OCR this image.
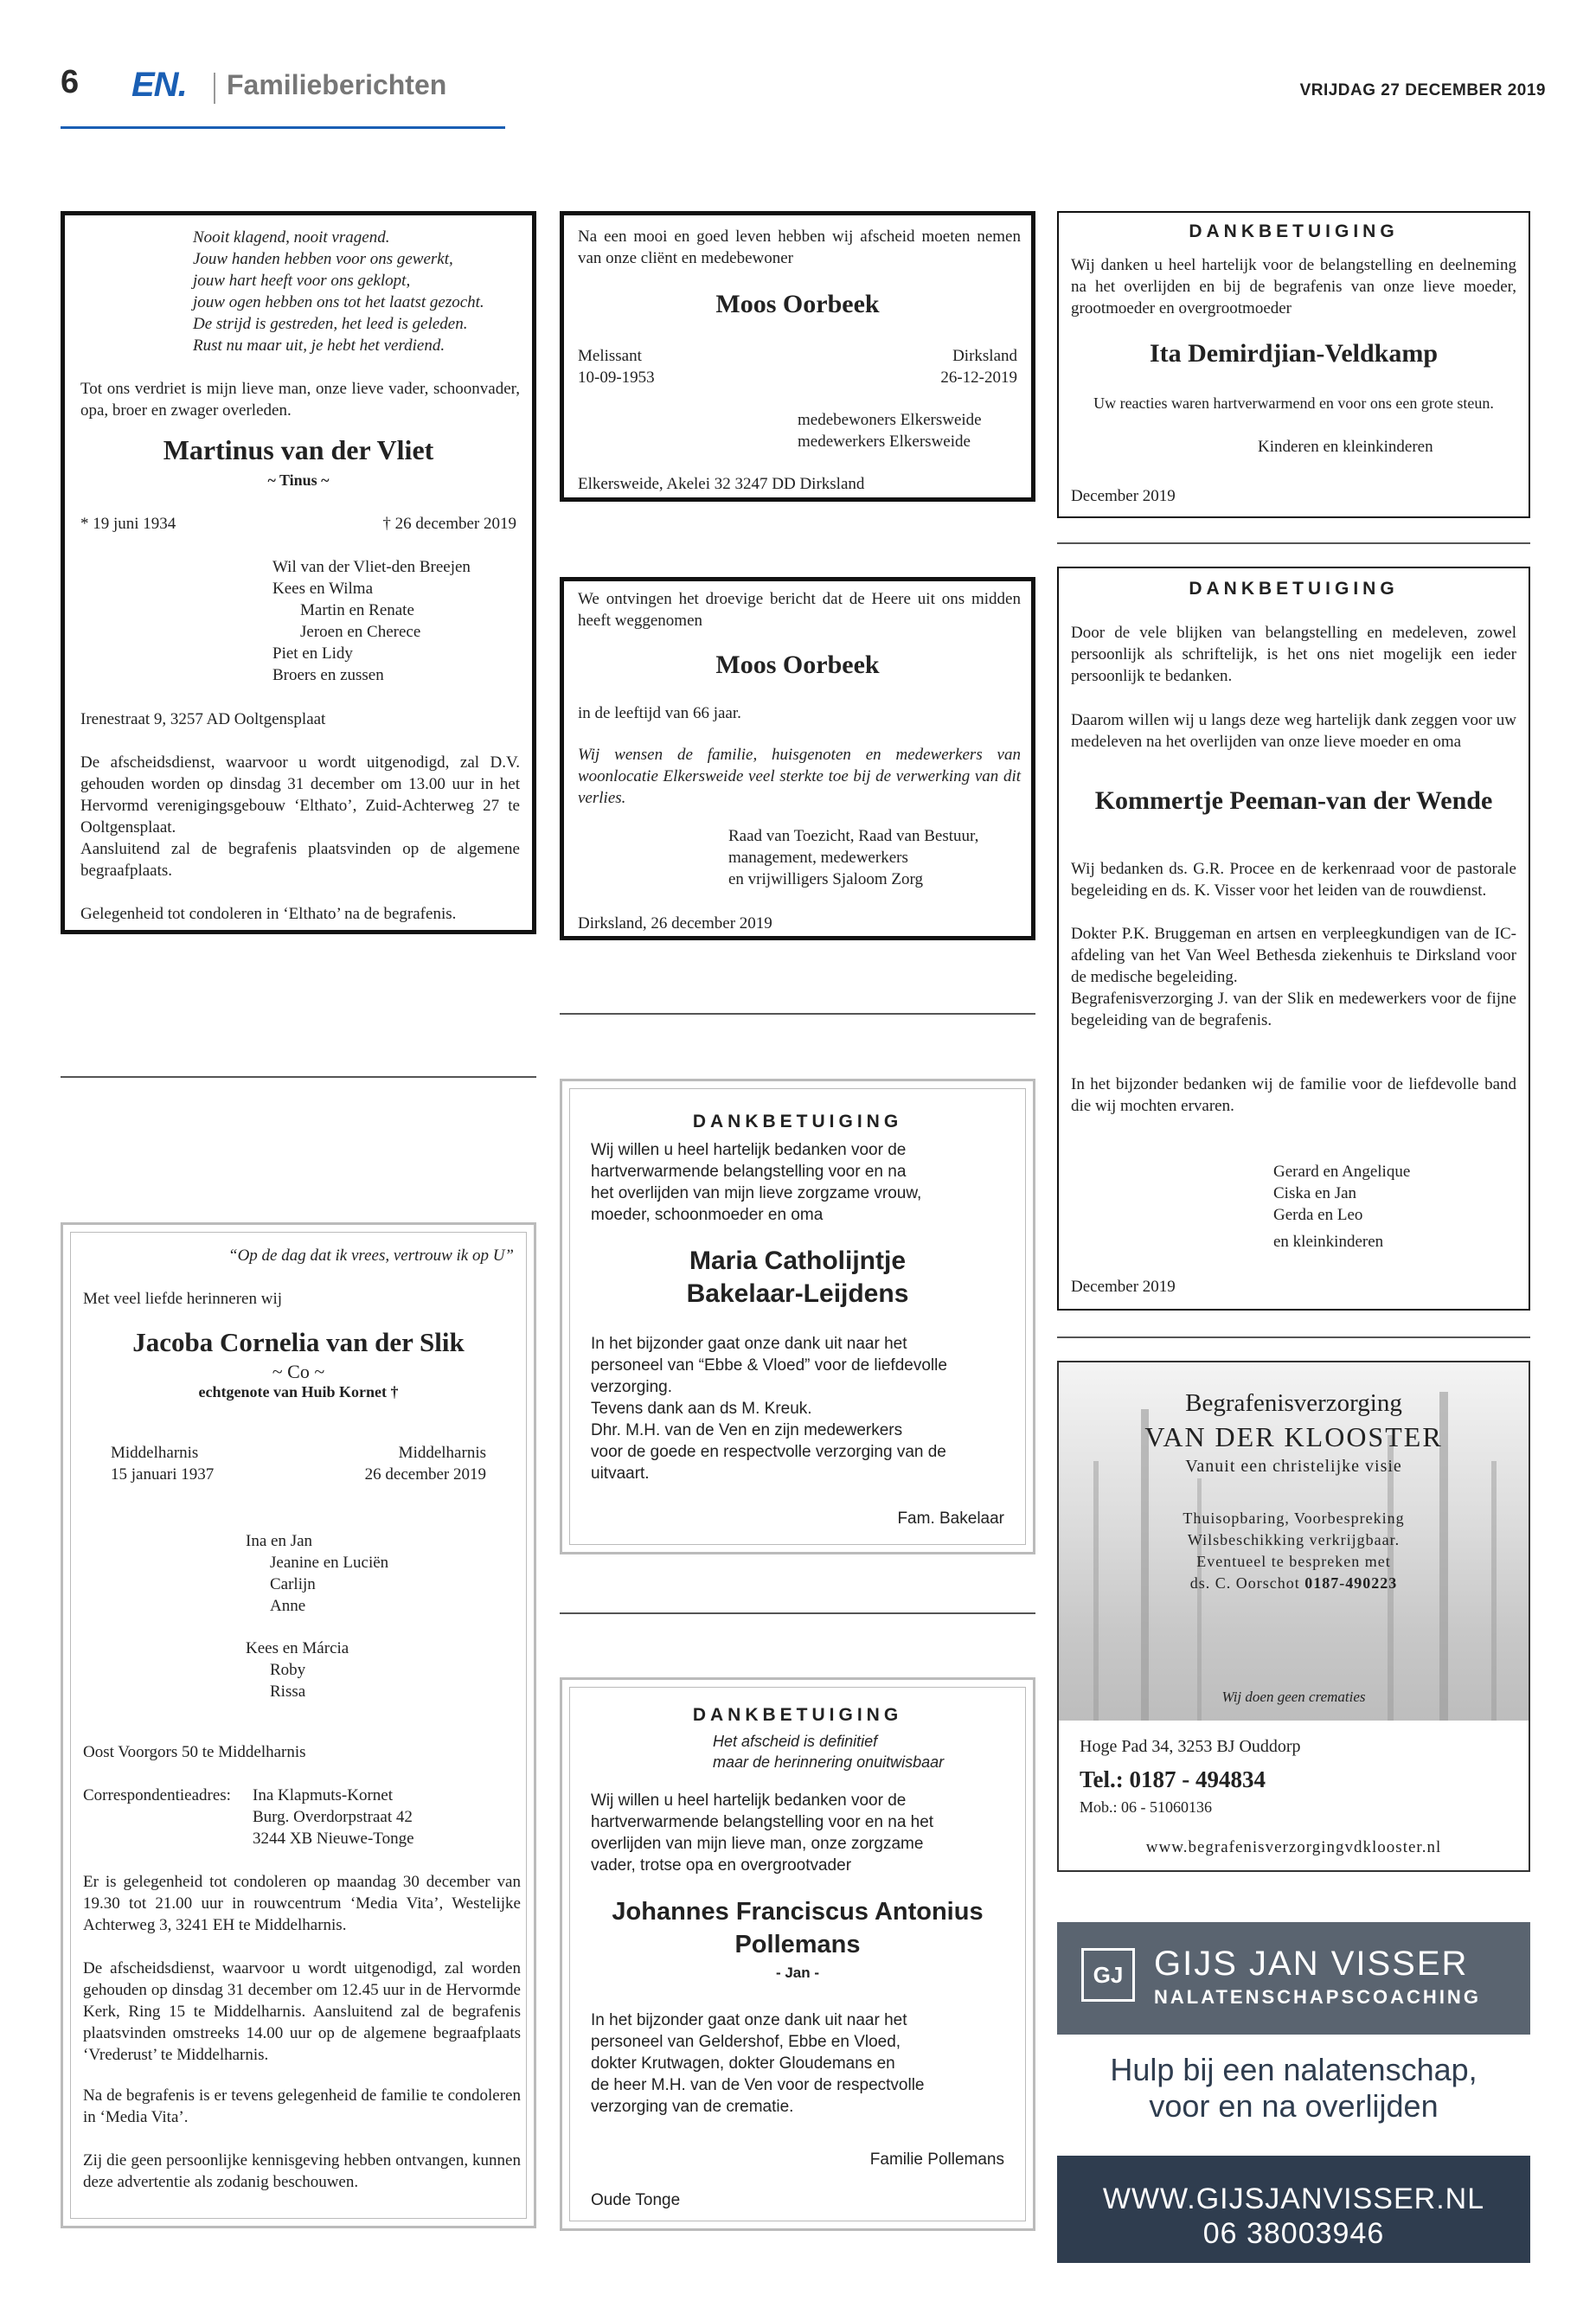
6 EN. Familieberichten	VRIJDAG 27 DECEMBER 2019
Nooit klagend, nooit vragend.
Jouw handen hebben voor ons gewerkt,
jouw hart heeft voor ons geklopt,
jouw ogen hebben ons tot het laatst gezocht.
De strijd is gestreden, het leed is geleden.
Rust nu maar uit, je hebt het verdiend.
Tot ons verdriet is mijn lieve man, onze lieve vader, schoonvader, opa, broer en zwager overleden.
Martinus van der Vliet
~ Tinus ~
* 19 juni 1934	† 26 december 2019
Wil van der Vliet-den Breejen
Kees en Wilma
Martin en Renate
Jeroen en Cherece
Piet en Lidy
Broers en zussen
Irenestraat 9, 3257 AD Ooltgensplaat
De afscheidsdienst, waarvoor u wordt uitgenodigd, zal D.V. gehouden worden op dinsdag 31 december om 13.00 uur in het Hervormd verenigingsgebouw ‘Elthato’, Zuid-Achterweg 27 te Ooltgensplaat.
Aansluitend zal de begrafenis plaatsvinden op de algemene begraafplaats.
Gelegenheid tot condoleren in ‘Elthato’ na de begrafenis.
Na een mooi en goed leven hebben wij afscheid moeten nemen van onze cliënt en medebewoner
Moos Oorbeek
Melissant
10-09-1953
Dirksland
26-12-2019
medebewoners Elkersweide
medewerkers Elkersweide
Elkersweide, Akelei 32 3247 DD Dirksland
We ontvingen het droevige bericht dat de Heere uit ons midden heeft weggenomen
Moos Oorbeek
in de leeftijd van 66 jaar.
Wij wensen de familie, huisgenoten en medewerkers van woonlocatie Elkersweide veel sterkte toe bij de verwerking van dit verlies.
Raad van Toezicht, Raad van Bestuur,
management, medewerkers
en vrijwilligers Sjaloom Zorg
Dirksland, 26 december 2019
DANKBETUIGING
Wij danken u heel hartelijk voor de belangstelling en deelneming na het overlijden en bij de begrafenis van onze lieve moeder, grootmoeder en overgrootmoeder
Ita Demirdjian-Veldkamp
Uw reacties waren hartverwarmend en voor ons een grote steun.
Kinderen en kleinkinderen
December 2019
DANKBETUIGING
Door de vele blijken van belangstelling en medeleven, zowel persoonlijk als schriftelijk, is het ons niet mogelijk een ieder persoonlijk te bedanken.
Daarom willen wij u langs deze weg hartelijk dank zeggen voor uw medeleven na het overlijden van onze lieve moeder en oma
Kommertje Peeman-van der Wende
Wij bedanken ds. G.R. Procee en de kerkenraad voor de pastorale begeleiding en ds. K. Visser voor het leiden van de rouwdienst.
Dokter P.K. Bruggeman en artsen en verpleegkundigen van de IC-afdeling van het Van Weel Bethesda ziekenhuis te Dirksland voor de medische begeleiding.
Begrafenisverzorging J. van der Slik en medewerkers voor de fijne begeleiding van de begrafenis.
In het bijzonder bedanken wij de familie voor de liefdevolle band die wij mochten ervaren.
Gerard en Angelique
Ciska en Jan
Gerda en Leo
en kleinkinderen
December 2019
“Op de dag dat ik vrees, vertrouw ik op U”
Met veel liefde herinneren wij
Jacoba Cornelia van der Slik
~ Co ~
echtgenote van Huib Kornet †
Middelharnis
15 januari 1937
Middelharnis
26 december 2019
Ina en Jan
Jeanine en Luciën
Carlijn
Anne
Kees en Márcia
Roby
Rissa
Oost Voorgors 50 te Middelharnis
Correspondentieadres: Ina Klapmuts-Kornet
Burg. Overdorpstraat 42
3244 XB Nieuwe-Tonge
Er is gelegenheid tot condoleren op maandag 30 december van 19.30 tot 21.00 uur in rouwcentrum ‘Media Vita’, Westelijke Achterweg 3, 3241 EH te Middelharnis.
De afscheidsdienst, waarvoor u wordt uitgenodigd, zal worden gehouden op dinsdag 31 december om 12.45 uur in de Hervormde Kerk, Ring 15 te Middelharnis. Aansluitend zal de begrafenis plaatsvinden omstreeks 14.00 uur op de algemene begraafplaats ‘Vrederust’ te Middelharnis.
Na de begrafenis is er tevens gelegenheid de familie te condoleren in ‘Media Vita’.
Zij die geen persoonlijke kennisgeving hebben ontvangen, kunnen deze advertentie als zodanig beschouwen.
DANKBETUIGING
Wij willen u heel hartelijk bedanken voor de
hartverwarmende belangstelling voor en na
het overlijden van mijn lieve zorgzame vrouw,
moeder, schoonmoeder en oma
Maria Catholijntje
Bakelaar-Leijdens
In het bijzonder gaat onze dank uit naar het
personeel van “Ebbe & Vloed” voor de liefdevolle
verzorging.
Tevens dank aan ds M. Kreuk.
Dhr. M.H. van de Ven en zijn medewerkers
voor de goede en respectvolle verzorging van de
uitvaart.
Fam. Bakelaar
DANKBETUIGING
Het afscheid is definitief
maar de herinnering onuitwisbaar
Wij willen u heel hartelijk bedanken voor de
hartverwarmende belangstelling voor en na het
overlijden van mijn lieve man, onze zorgzame
vader, trotse opa en overgrootvader
Johannes Franciscus Antonius
Pollemans
- Jan -
In het bijzonder gaat onze dank uit naar het
personeel van Geldershof, Ebbe en Vloed,
dokter Krutwagen, dokter Gloudemans en
de heer M.H. van de Ven voor de respectvolle
verzorging van de crematie.
Familie Pollemans
Oude Tonge
Begrafenisverzorging
VAN DER KLOOSTER
Vanuit een christelijke visie
Thuisopbaring, Voorbespreking
Wilsbeschikking verkrijgbaar.
Eventueel te bespreken met
ds. C. Oorschot 0187-490223
Wij doen geen crematies
Hoge Pad 34, 3253 BJ Ouddorp
Tel.: 0187 - 494834
Mob.: 06 - 51060136
www.begrafenisverzorgingvdklooster.nl
GJ GIJS JAN VISSER
NALATENSCHAPSCOACHING
Hulp bij een nalatenschap,
voor en na overlijden
WWW.GIJSJANVISSER.NL
06 38003946
